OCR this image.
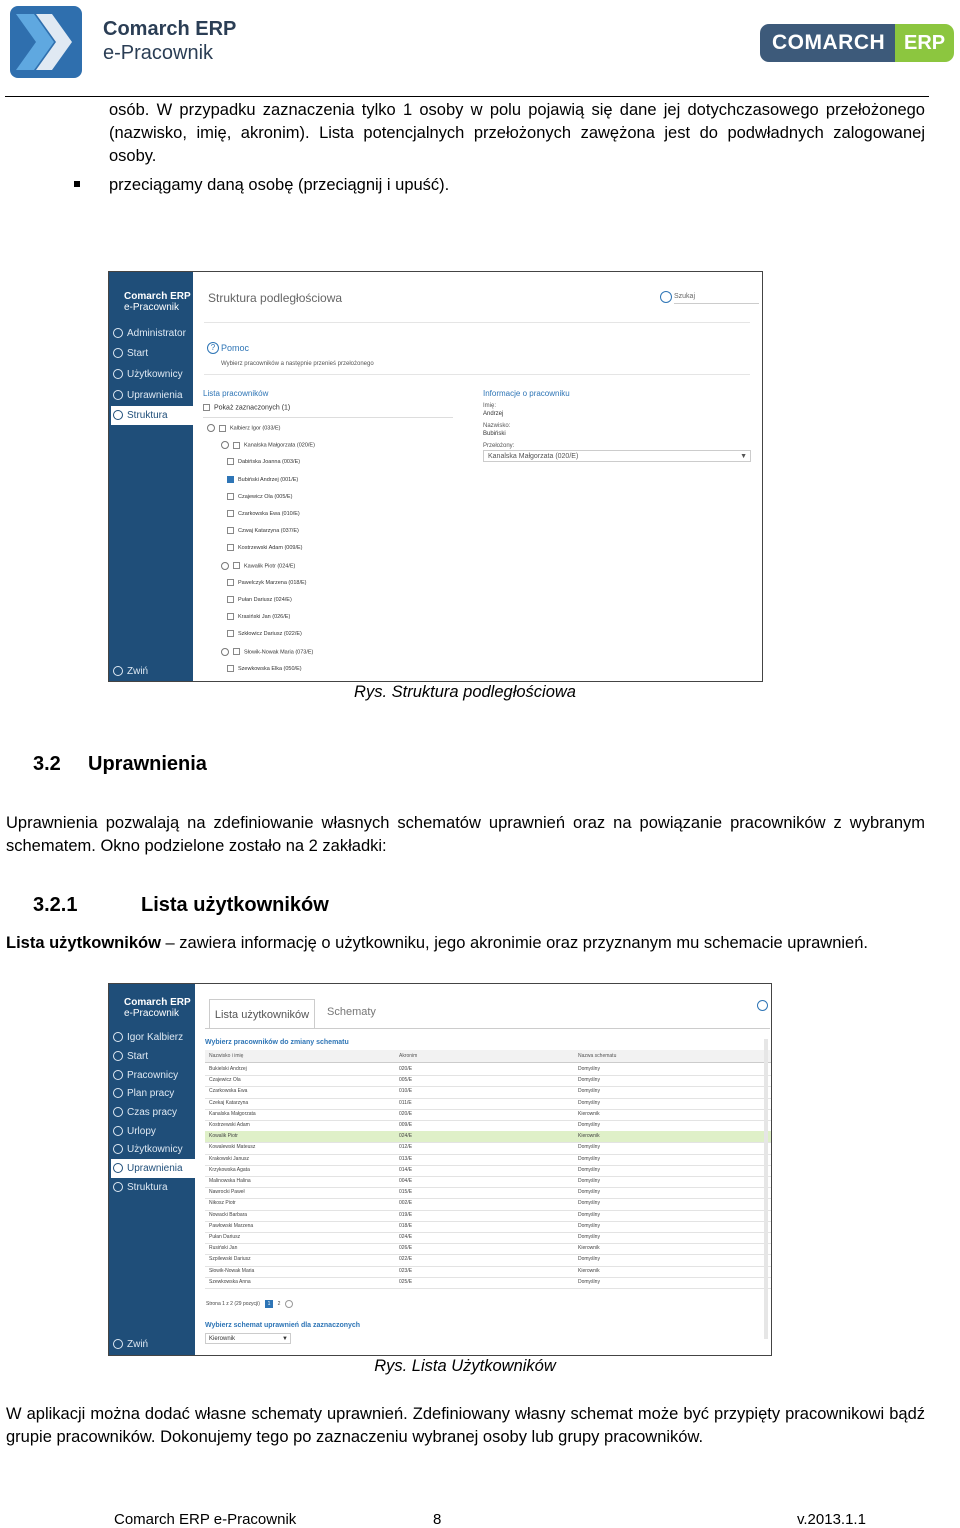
Comarch ERP
e-Pracownik	COMARCH ERP
osób. W przypadku zaznaczenia tylko 1 osoby w polu pojawią się dane jej dotychczasowego przełożonego (nazwisko, imię, akronim). Lista potencjalnych przełożonych zawężona jest do podwładnych zalogowanej osoby.
przeciągamy daną osobę (przeciągnij i upuść).
Comarch ERP
e-Pracownik
Administrator
Start
Użytkownicy
Uprawnienia
Struktura
Zwiń
Struktura podległościowa	Szukaj
? Pomoc
Wybierz pracowników a następnie przenieś przełożonego
Lista pracowników
Pokaż zaznaczonych (1)
Kalbierz Igor (033/E)
Kanalska Małgorzata (020/E)
Dabińska Joanna (003/E)
Bubiński Andrzej (001/E)
Czajewicz Ola (005/E)
Czarkowska Ewa (010/E)
Czwaj Katarzyna (037/E)
Kostrzewski Adam (009/E)
Kawalik Piotr (024/E)
Pawelczyk Marzena (018/E)
Pułan Dariusz (024/E)
Krasiński Jan (026/E)
Szkłowicz Dariusz (022/E)
Słowik-Nowak Maria (073/E)
Szewkowska Elka (050/E)
Informacje o pracowniku
Imię:
Andrzej
Nazwisko:
Bubiński
Przełożony:
Kanalska Małgorzata (020/E)	▼
Rys. Struktura podległościowa
3.2 Uprawnienia
Uprawnienia pozwalają na zdefiniowanie własnych schematów uprawnień oraz na powiązanie pracowników z wybranym schematem. Okno podzielone zostało na 2 zakładki:
3.2.1	Lista użytkowników
Lista użytkowników – zawiera informację o użytkowniku, jego akronimie oraz przyznanym mu schemacie uprawnień.
Comarch ERP
e-Pracownik
Igor Kalbierz
Start
Pracownicy
Plan pracy
Czas pracy
Urlopy
Użytkownicy
Uprawnienia
Struktura
Zwiń
Lista użytkowników	Schematy
Wybierz pracowników do zmiany schematu
Nazwisko i imię	Akronim	Nazwa schematu
Bukielski Andrzej	020/E	Domyślny
Czajewicz Ola	005/E	Domyślny
Czarkowska Ewa	010/E	Domyślny
Czekaj Katarzyna	011/E	Domyślny
Kanalska Małgorzata	020/E	Kierownik
Kostrzewski Adam	009/E	Domyślny
Kowalik Piotr	024/E	Kierownik
Kowalewski Mateusz	012/E	Domyślny
Krakowski Janusz	013/E	Domyślny
Krzykowska Agata	014/E	Domyślny
Malinowska Halina	004/E	Domyślny
Nawrocki Paweł	015/E	Domyślny
Nikosz Piotr	002/E	Domyślny
Nowacki Barbara	019/E	Domyślny
Pawłowski Marzena	018/E	Domyślny
Pułan Dariusz	024/E	Domyślny
Rusiński Jan	026/E	Kierownik
Szpilewski Dariusz	022/E	Domyślny
Słowik-Nowak Maria	023/E	Kierownik
Szewkowska Anna	025/E	Domyślny
Strona 1 z 2 (29 pozycji)	1	2
Wybierz schemat uprawnień dla zaznaczonych
Kierownik	▼
Rys. Lista Użytkowników
W aplikacji można dodać własne schematy uprawnień. Zdefiniowany własny schemat może być przypięty pracownikowi bądź grupie pracowników. Dokonujemy tego po zaznaczeniu wybranej osoby lub grupy pracowników.
Comarch ERP e-Pracownik	8	v.2013.1.1
